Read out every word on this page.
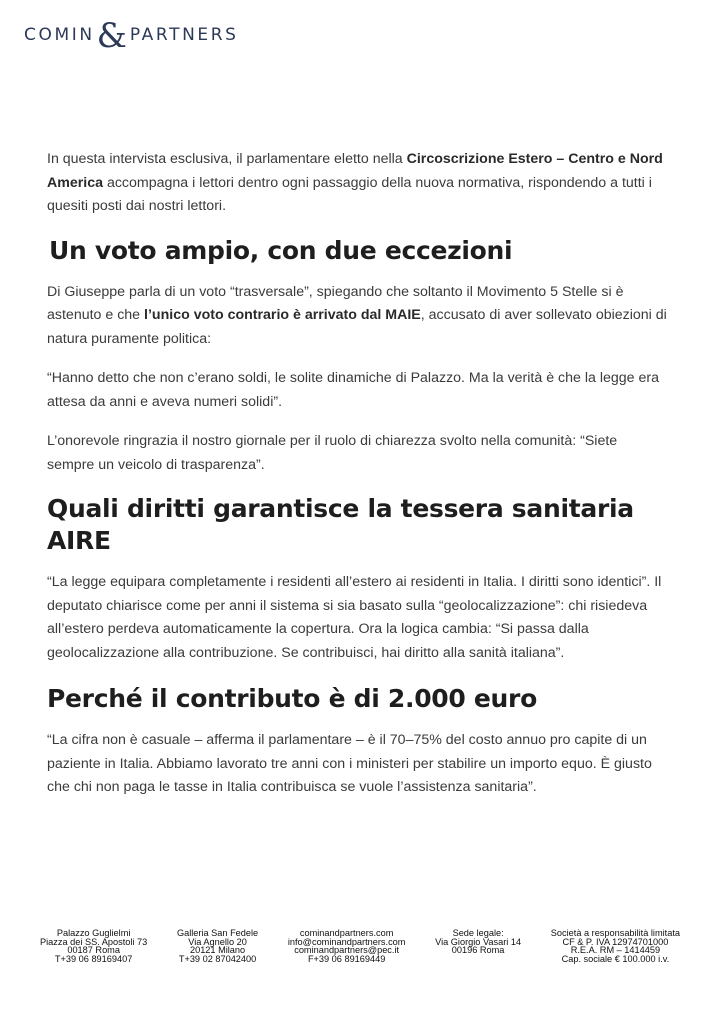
COMIN & PARTNERS

In questa intervista esclusiva, il parlamentare eletto nella Circoscrizione Estero – Centro e Nord America accompagna i lettori dentro ogni passaggio della nuova normativa, rispondendo a tutti i quesiti posti dai nostri lettori.

Un voto ampio, con due eccezioni

Di Giuseppe parla di un voto “trasversale”, spiegando che soltanto il Movimento 5 Stelle si è astenuto e che l’unico voto contrario è arrivato dal MAIE, accusato di aver sollevato obiezioni di natura puramente politica:

“Hanno detto che non c’erano soldi, le solite dinamiche di Palazzo. Ma la verità è che la legge era attesa da anni e aveva numeri solidi”.

L’onorevole ringrazia il nostro giornale per il ruolo di chiarezza svolto nella comunità: “Siete sempre un veicolo di trasparenza”.

Quali diritti garantisce la tessera sanitaria AIRE

“La legge equipara completamente i residenti all’estero ai residenti in Italia. I diritti sono identici”. Il deputato chiarisce come per anni il sistema si sia basato sulla “geolocalizzazione”: chi risiedeva all’estero perdeva automaticamente la copertura. Ora la logica cambia: “Si passa dalla geolocalizzazione alla contribuzione. Se contribuisci, hai diritto alla sanità italiana”.

Perché il contributo è di 2.000 euro

“La cifra non è casuale – afferma il parlamentare – è il 70–75% del costo annuo pro capite di un paziente in Italia. Abbiamo lavorato tre anni con i ministeri per stabilire un importo equo. È giusto che chi non paga le tasse in Italia contribuisca se vuole l’assistenza sanitaria”.

Palazzo Guglielmi
Piazza dei SS. Apostoli 73
00187 Roma
T+39 06 89169407
Galleria San Fedele
Via Agnello 20
20121 Milano
T+39 02 87042400
cominandpartners.com
info@cominandpartners.com
cominandpartners@pec.it
F+39 06 89169449
Sede legale:
Via Giorgio Vasari 14
00196 Roma
Società a responsabilità limitata
CF & P. IVA 12974701000
R.E.A. RM – 1414459
Cap. sociale € 100.000 i.v.
